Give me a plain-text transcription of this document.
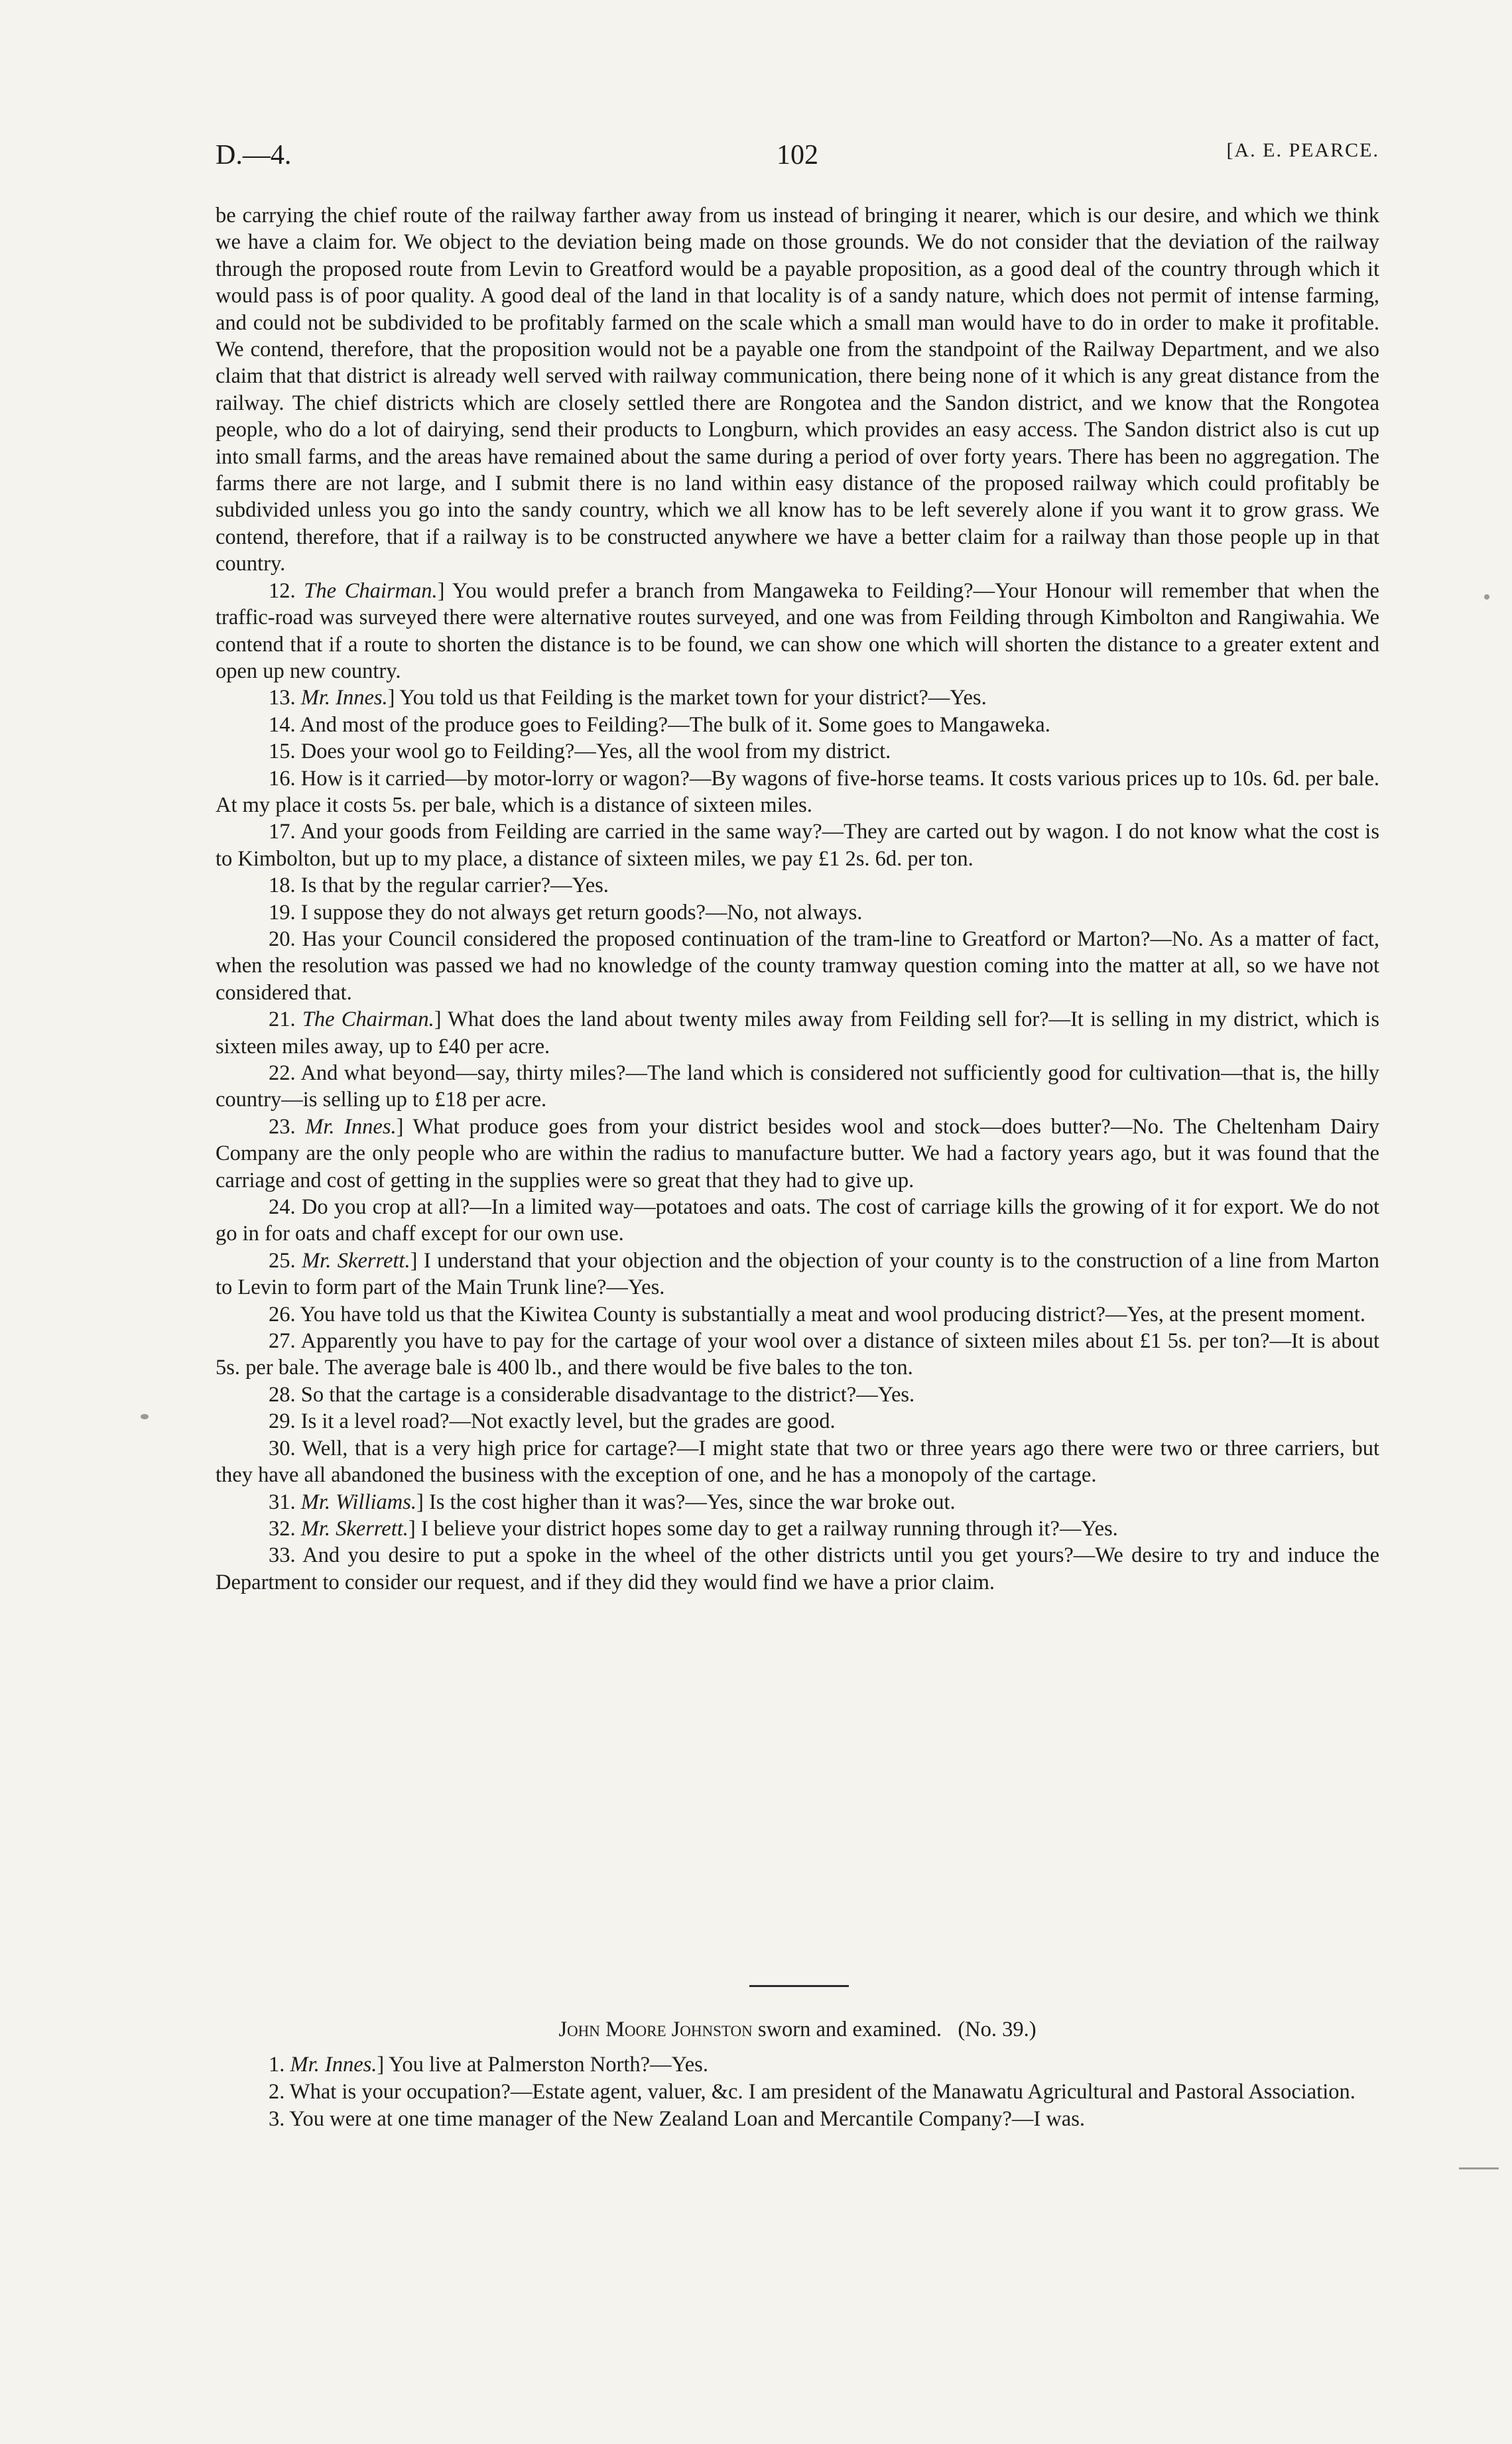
D.—4.	102	[A. E. PEARCE.

be carrying the chief route of the railway farther away from us instead of bringing it nearer, which is our desire, and which we think we have a claim for. We object to the deviation being made on those grounds. We do not consider that the deviation of the railway through the proposed route from Levin to Greatford would be a payable proposition, as a good deal of the country through which it would pass is of poor quality. A good deal of the land in that locality is of a sandy nature, which does not permit of intense farming, and could not be subdivided to be profitably farmed on the scale which a small man would have to do in order to make it profitable. We contend, therefore, that the proposition would not be a payable one from the standpoint of the Railway Department, and we also claim that that district is already well served with railway communication, there being none of it which is any great distance from the railway. The chief districts which are closely settled there are Rongotea and the Sandon district, and we know that the Rongotea people, who do a lot of dairying, send their products to Longburn, which provides an easy access. The Sandon district also is cut up into small farms, and the areas have remained about the same during a period of over forty years. There has been no aggregation. The farms there are not large, and I submit there is no land within easy distance of the proposed railway which could profitably be subdivided unless you go into the sandy country, which we all know has to be left severely alone if you want it to grow grass. We contend, therefore, that if a railway is to be constructed anywhere we have a better claim for a railway than those people up in that country.

12. The Chairman.] You would prefer a branch from Mangaweka to Feilding?—Your Honour will remember that when the traffic-road was surveyed there were alternative routes surveyed, and one was from Feilding through Kimbolton and Rangiwahia. We contend that if a route to shorten the distance is to be found, we can show one which will shorten the distance to a greater extent and open up new country.

13. Mr. Innes.] You told us that Feilding is the market town for your district?—Yes.

14. And most of the produce goes to Feilding?—The bulk of it. Some goes to Mangaweka.

15. Does your wool go to Feilding?—Yes, all the wool from my district.

16. How is it carried—by motor-lorry or wagon?—By wagons of five-horse teams. It costs various prices up to 10s. 6d. per bale. At my place it costs 5s. per bale, which is a distance of sixteen miles.

17. And your goods from Feilding are carried in the same way?—They are carted out by wagon. I do not know what the cost is to Kimbolton, but up to my place, a distance of sixteen miles, we pay £1 2s. 6d. per ton.

18. Is that by the regular carrier?—Yes.

19. I suppose they do not always get return goods?—No, not always.

20. Has your Council considered the proposed continuation of the tram-line to Greatford or Marton?—No. As a matter of fact, when the resolution was passed we had no knowledge of the county tramway question coming into the matter at all, so we have not considered that.

21. The Chairman.] What does the land about twenty miles away from Feilding sell for?—It is selling in my district, which is sixteen miles away, up to £40 per acre.

22. And what beyond—say, thirty miles?—The land which is considered not sufficiently good for cultivation—that is, the hilly country—is selling up to £18 per acre.

23. Mr. Innes.] What produce goes from your district besides wool and stock—does butter?—No. The Cheltenham Dairy Company are the only people who are within the radius to manufacture butter. We had a factory years ago, but it was found that the carriage and cost of getting in the supplies were so great that they had to give up.

24. Do you crop at all?—In a limited way—potatoes and oats. The cost of carriage kills the growing of it for export. We do not go in for oats and chaff except for our own use.

25. Mr. Skerrett.] I understand that your objection and the objection of your county is to the construction of a line from Marton to Levin to form part of the Main Trunk line?—Yes.

26. You have told us that the Kiwitea County is substantially a meat and wool producing district?—Yes, at the present moment.

27. Apparently you have to pay for the cartage of your wool over a distance of sixteen miles about £1 5s. per ton?—It is about 5s. per bale. The average bale is 400 lb., and there would be five bales to the ton.

28. So that the cartage is a considerable disadvantage to the district?—Yes.

29. Is it a level road?—Not exactly level, but the grades are good.

30. Well, that is a very high price for cartage?—I might state that two or three years ago there were two or three carriers, but they have all abandoned the business with the exception of one, and he has a monopoly of the cartage.

31. Mr. Williams.] Is the cost higher than it was?—Yes, since the war broke out.

32. Mr. Skerrett.] I believe your district hopes some day to get a railway running through it?—Yes.

33. And you desire to put a spoke in the wheel of the other districts until you get yours?—We desire to try and induce the Department to consider our request, and if they did they would find we have a prior claim.

John Moore Johnston sworn and examined. (No. 39.)

1. Mr. Innes.] You live at Palmerston North?—Yes.

2. What is your occupation?—Estate agent, valuer, &c. I am president of the Manawatu Agricultural and Pastoral Association.

3. You were at one time manager of the New Zealand Loan and Mercantile Company?—I was.
